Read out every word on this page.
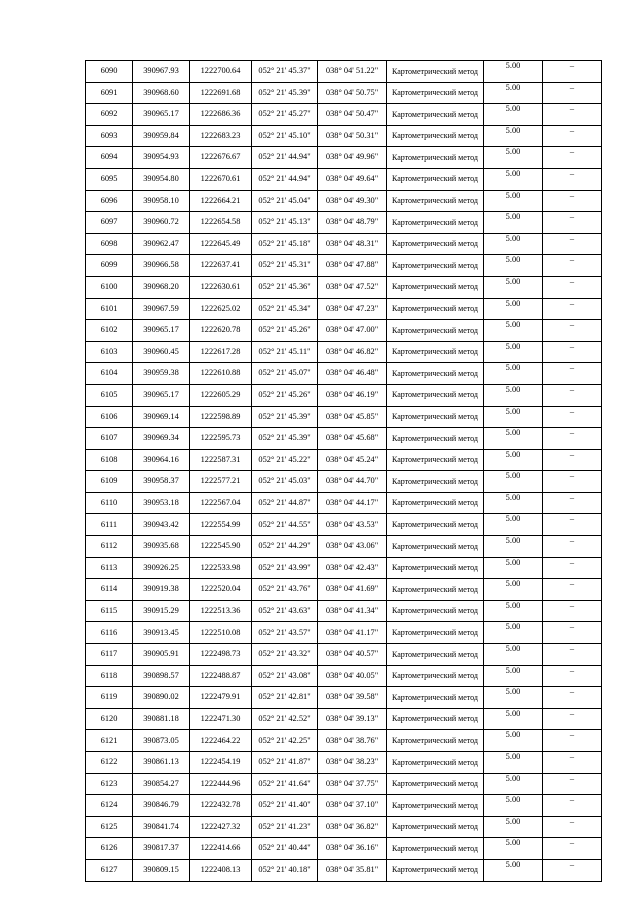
6090	390967.93	1222700.64	052° 21' 45.37"	038° 04' 51.22"	Картометрический метод	5.00	–
6091	390968.60	1222691.68	052° 21' 45.39"	038° 04' 50.75"	Картометрический метод	5.00	–
6092	390965.17	1222686.36	052° 21' 45.27"	038° 04' 50.47"	Картометрический метод	5.00	–
6093	390959.84	1222683.23	052° 21' 45.10"	038° 04' 50.31"	Картометрический метод	5.00	–
6094	390954.93	1222676.67	052° 21' 44.94"	038° 04' 49.96"	Картометрический метод	5.00	–
6095	390954.80	1222670.61	052° 21' 44.94"	038° 04' 49.64"	Картометрический метод	5.00	–
6096	390958.10	1222664.21	052° 21' 45.04"	038° 04' 49.30"	Картометрический метод	5.00	–
6097	390960.72	1222654.58	052° 21' 45.13"	038° 04' 48.79"	Картометрический метод	5.00	–
6098	390962.47	1222645.49	052° 21' 45.18"	038° 04' 48.31"	Картометрический метод	5.00	–
6099	390966.58	1222637.41	052° 21' 45.31"	038° 04' 47.88"	Картометрический метод	5.00	–
6100	390968.20	1222630.61	052° 21' 45.36"	038° 04' 47.52"	Картометрический метод	5.00	–
6101	390967.59	1222625.02	052° 21' 45.34"	038° 04' 47.23"	Картометрический метод	5.00	–
6102	390965.17	1222620.78	052° 21' 45.26"	038° 04' 47.00"	Картометрический метод	5.00	–
6103	390960.45	1222617.28	052° 21' 45.11"	038° 04' 46.82"	Картометрический метод	5.00	–
6104	390959.38	1222610.88	052° 21' 45.07"	038° 04' 46.48"	Картометрический метод	5.00	–
6105	390965.17	1222605.29	052° 21' 45.26"	038° 04' 46.19"	Картометрический метод	5.00	–
6106	390969.14	1222598.89	052° 21' 45.39"	038° 04' 45.85"	Картометрический метод	5.00	–
6107	390969.34	1222595.73	052° 21' 45.39"	038° 04' 45.68"	Картометрический метод	5.00	–
6108	390964.16	1222587.31	052° 21' 45.22"	038° 04' 45.24"	Картометрический метод	5.00	–
6109	390958.37	1222577.21	052° 21' 45.03"	038° 04' 44.70"	Картометрический метод	5.00	–
6110	390953.18	1222567.04	052° 21' 44.87"	038° 04' 44.17"	Картометрический метод	5.00	–
6111	390943.42	1222554.99	052° 21' 44.55"	038° 04' 43.53"	Картометрический метод	5.00	–
6112	390935.68	1222545.90	052° 21' 44.29"	038° 04' 43.06"	Картометрический метод	5.00	–
6113	390926.25	1222533.98	052° 21' 43.99"	038° 04' 42.43"	Картометрический метод	5.00	–
6114	390919.38	1222520.04	052° 21' 43.76"	038° 04' 41.69"	Картометрический метод	5.00	–
6115	390915.29	1222513.36	052° 21' 43.63"	038° 04' 41.34"	Картометрический метод	5.00	–
6116	390913.45	1222510.08	052° 21' 43.57"	038° 04' 41.17"	Картометрический метод	5.00	–
6117	390905.91	1222498.73	052° 21' 43.32"	038° 04' 40.57"	Картометрический метод	5.00	–
6118	390898.57	1222488.87	052° 21' 43.08"	038° 04' 40.05"	Картометрический метод	5.00	–
6119	390890.02	1222479.91	052° 21' 42.81"	038° 04' 39.58"	Картометрический метод	5.00	–
6120	390881.18	1222471.30	052° 21' 42.52"	038° 04' 39.13"	Картометрический метод	5.00	–
6121	390873.05	1222464.22	052° 21' 42.25"	038° 04' 38.76"	Картометрический метод	5.00	–
6122	390861.13	1222454.19	052° 21' 41.87"	038° 04' 38.23"	Картометрический метод	5.00	–
6123	390854.27	1222444.96	052° 21' 41.64"	038° 04' 37.75"	Картометрический метод	5.00	–
6124	390846.79	1222432.78	052° 21' 41.40"	038° 04' 37.10"	Картометрический метод	5.00	–
6125	390841.74	1222427.32	052° 21' 41.23"	038° 04' 36.82"	Картометрический метод	5.00	–
6126	390817.37	1222414.66	052° 21' 40.44"	038° 04' 36.16"	Картометрический метод	5.00	–
6127	390809.15	1222408.13	052° 21' 40.18"	038° 04' 35.81"	Картометрический метод	5.00	–
